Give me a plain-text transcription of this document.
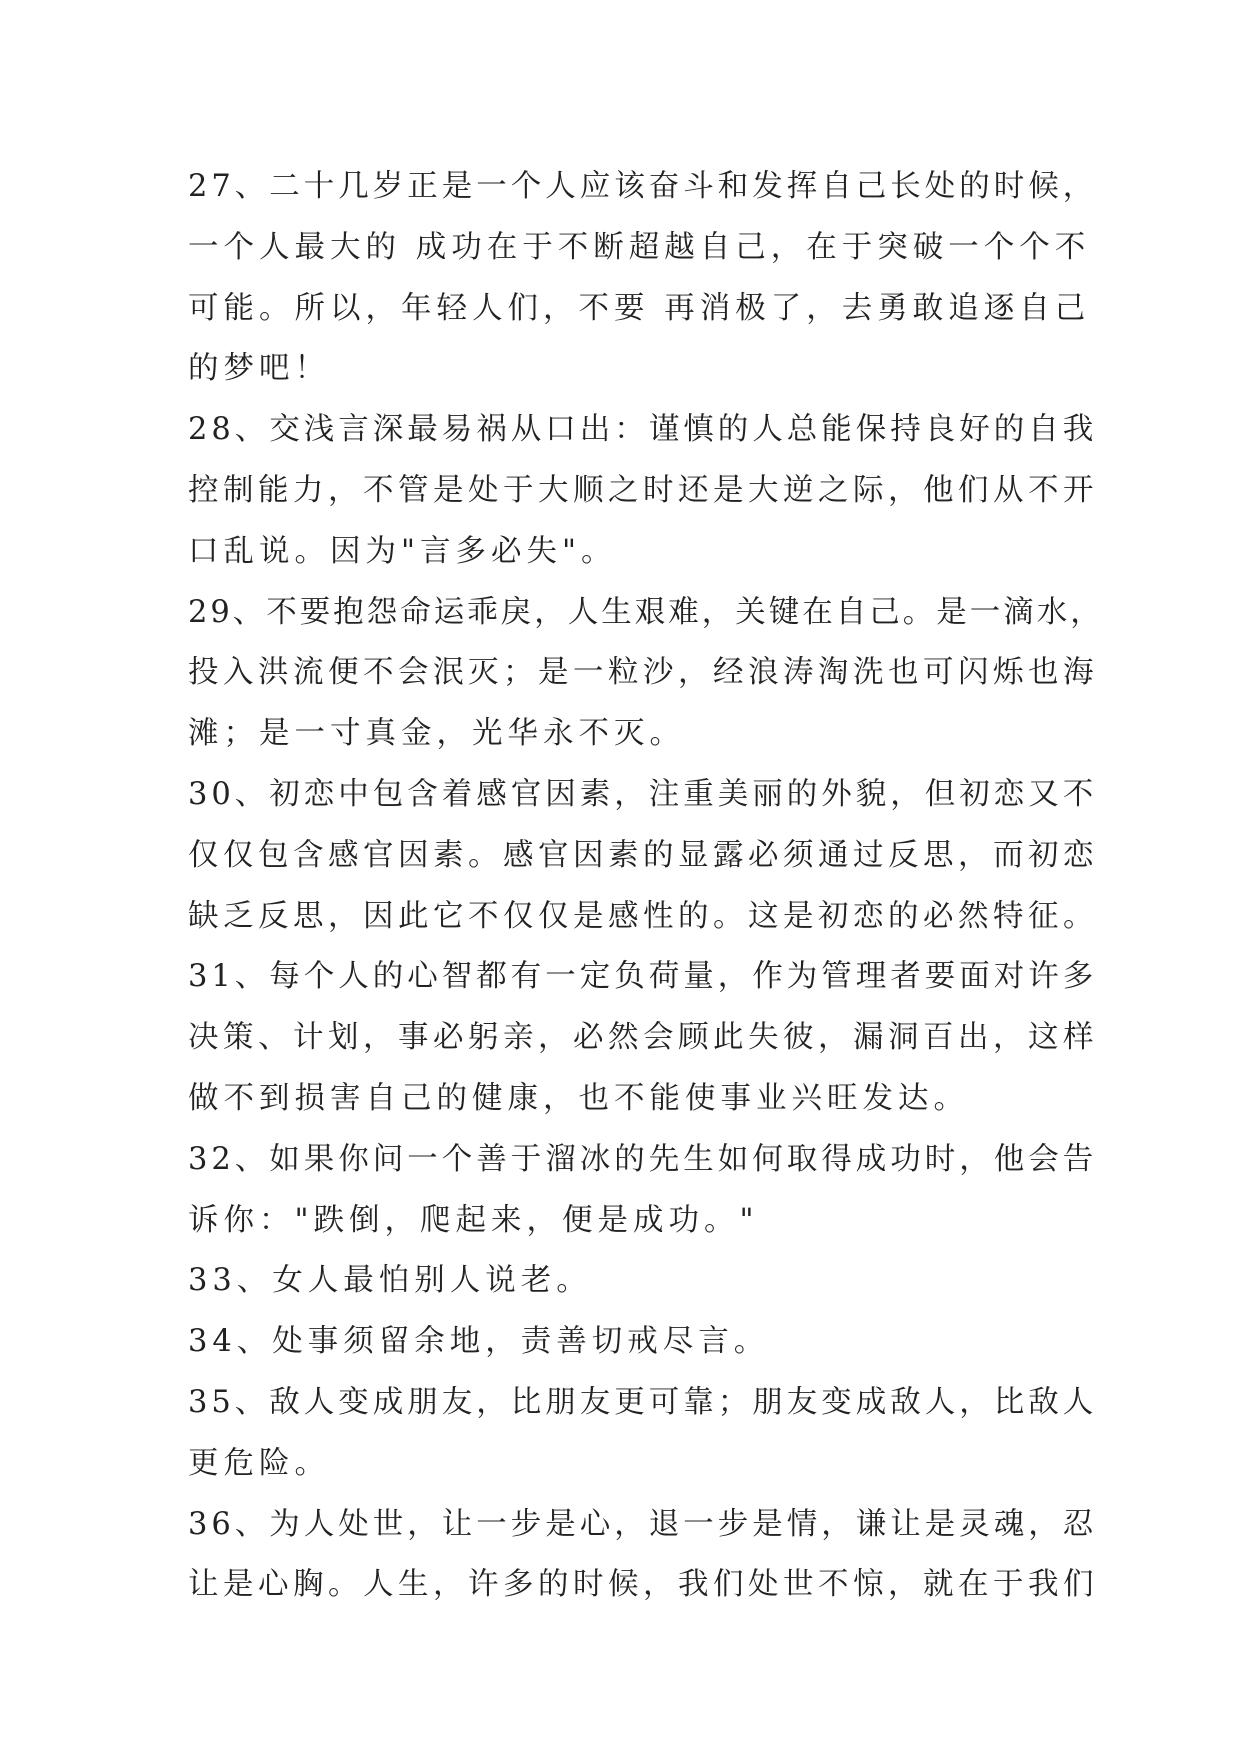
27、二十几岁正是一个人应该奋斗和发挥自己长处的时候，
一个人最大的 成功在于不断超越自己，在于突破一个个不
可能。所以，年轻人们，不要 再消极了，去勇敢追逐自己
的梦吧！
28、交浅言深最易祸从口出：谨慎的人总能保持良好的自我
控制能力，不管是处于大顺之时还是大逆之际，他们从不开
口乱说。因为"言多必失"。
29、不要抱怨命运乖戾，人生艰难，关键在自己。是一滴水，
投入洪流便不会泯灭；是一粒沙，经浪涛淘洗也可闪烁也海
滩；是一寸真金，光华永不灭。
30、初恋中包含着感官因素，注重美丽的外貌，但初恋又不
仅仅包含感官因素。感官因素的显露必须通过反思，而初恋
缺乏反思，因此它不仅仅是感性的。这是初恋的必然特征。
31、每个人的心智都有一定负荷量，作为管理者要面对许多
决策、计划，事必躬亲，必然会顾此失彼，漏洞百出，这样
做不到损害自己的健康，也不能使事业兴旺发达。
32、如果你问一个善于溜冰的先生如何取得成功时，他会告
诉你："跌倒，爬起来，便是成功。"
33、女人最怕别人说老。
34、处事须留余地，责善切戒尽言。
35、敌人变成朋友，比朋友更可靠；朋友变成敌人，比敌人
更危险。
36、为人处世，让一步是心，退一步是情，谦让是灵魂，忍
让是心胸。人生，许多的时候，我们处世不惊，就在于我们
